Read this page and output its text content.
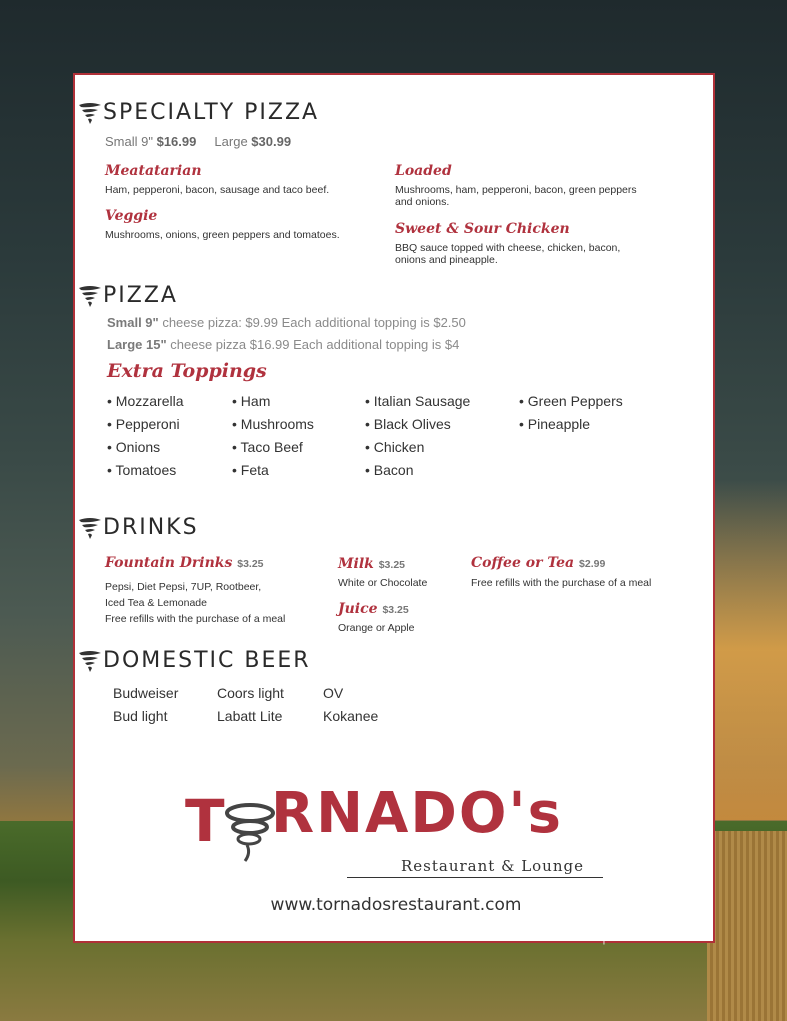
SPECIALTY PIZZA
Small 9" $16.99 Large $30.99
Meatatarian
Ham, pepperoni, bacon, sausage and taco beef.
Veggie
Mushrooms, onions, green peppers and tomatoes.
Loaded
Mushrooms, ham, pepperoni, bacon, green peppers and onions.
Sweet & Sour Chicken
BBQ sauce topped with cheese, chicken, bacon, onions and pineapple.
PIZZA
Small 9" cheese pizza: $9.99 Each additional topping is $2.50
Large 15" cheese pizza $16.99 Each additional topping is $4
Extra Toppings
• Mozzarella
• Pepperoni
• Onions
• Tomatoes
• Ham
• Mushrooms
• Taco Beef
• Feta
• Italian Sausage
• Black Olives
• Chicken
• Bacon
• Green Peppers
• Pineapple
DRINKS
Fountain Drinks $3.25
Pepsi, Diet Pepsi, 7UP, Rootbeer,
Iced Tea & Lemonade
Free refills with the purchase of a meal
Milk $3.25
White or Chocolate
Juice $3.25
Orange or Apple
Coffee or Tea $2.99
Free refills with the purchase of a meal
DOMESTIC BEER
Budweiser
Bud light
Coors light
Labatt Lite
OV
Kokanee
T RNADO's
Restaurant & Lounge
www.tornadosrestaurant.com
menupix
